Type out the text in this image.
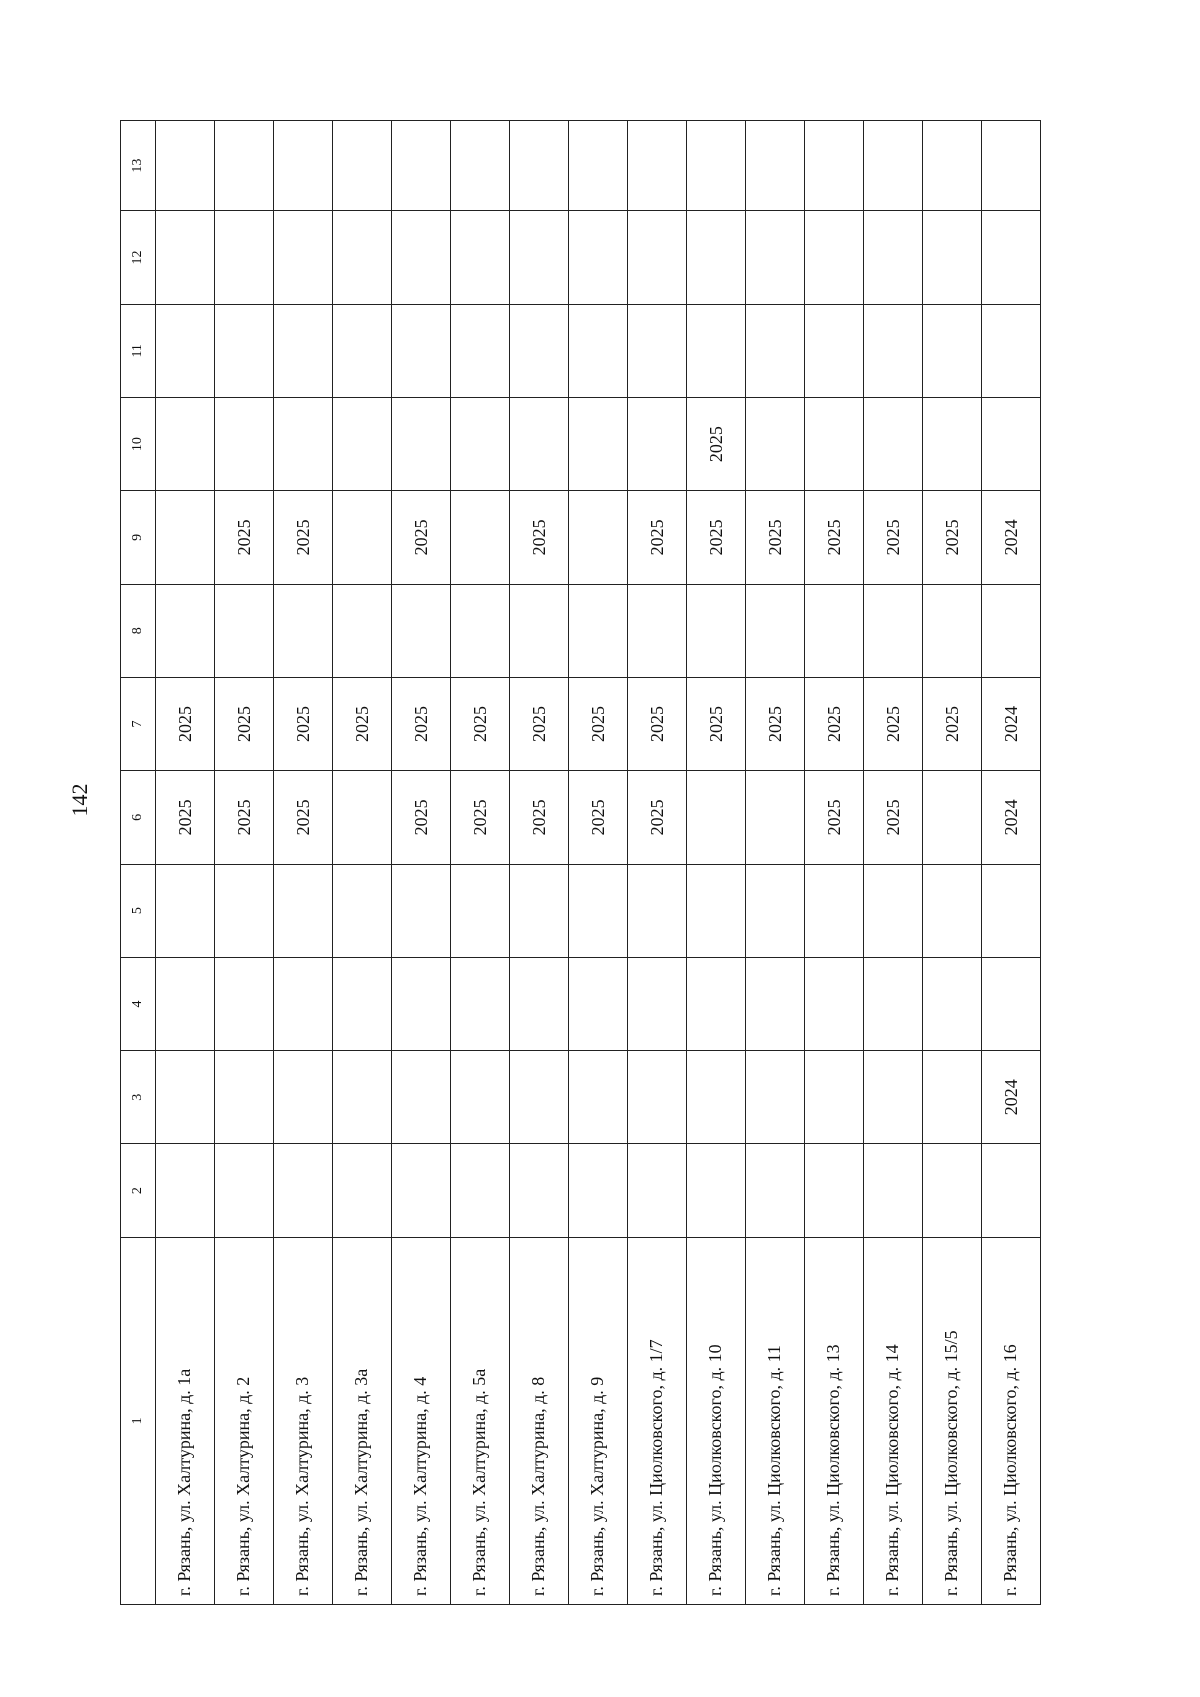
142
1	2	3	4	5	6	7	8	9	10	11	12	13
г. Рязань, ул. Халтурина, д. 1а					2025	2025						
г. Рязань, ул. Халтурина, д. 2					2025	2025		2025				
г. Рязань, ул. Халтурина, д. 3					2025	2025		2025				
г. Рязань, ул. Халтурина, д. 3а						2025						
г. Рязань, ул. Халтурина, д. 4					2025	2025		2025				
г. Рязань, ул. Халтурина, д. 5а					2025	2025						
г. Рязань, ул. Халтурина, д. 8					2025	2025		2025				
г. Рязань, ул. Халтурина, д. 9					2025	2025						
г. Рязань, ул. Циолковского, д. 1/7					2025	2025		2025				
г. Рязань, ул. Циолковского, д. 10						2025		2025	2025			
г. Рязань, ул. Циолковского, д. 11						2025		2025				
г. Рязань, ул. Циолковского, д. 13					2025	2025		2025				
г. Рязань, ул. Циолковского, д. 14					2025	2025		2025				
г. Рязань, ул. Циолковского, д. 15/5						2025		2025				
г. Рязань, ул. Циолковского, д. 16		2024			2024	2024		2024				
